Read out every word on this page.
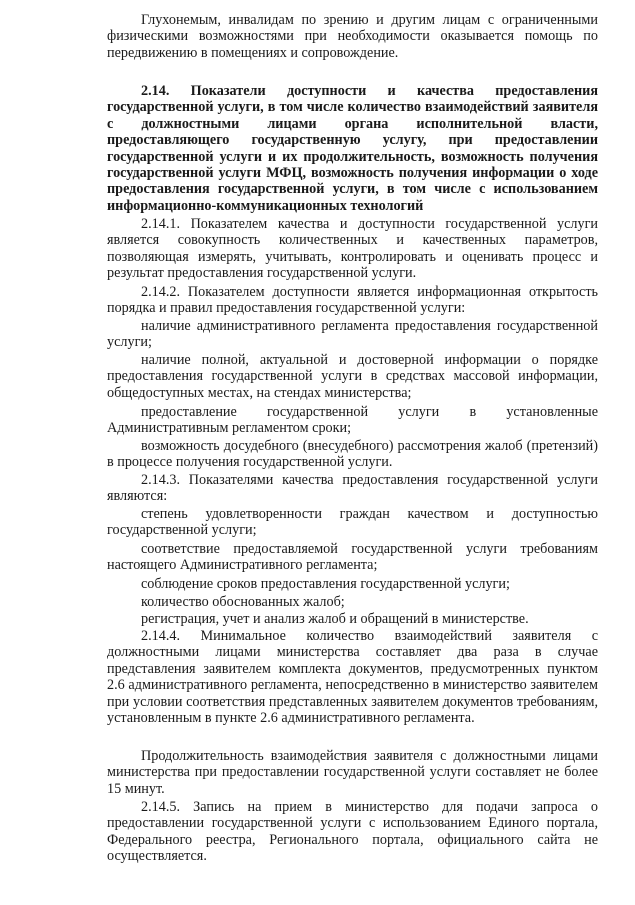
Глухонемым, инвалидам по зрению и другим лицам с ограниченными физическими возможностями при необходимости оказывается помощь по передвижению в помещениях и сопровождение.

2.14. Показатели доступности и качества предоставления государственной услуги, в том числе количество взаимодействий заявителя с должностными лицами органа исполнительной власти, предоставляющего государственную услугу, при предоставлении государственной услуги и их продолжительность, возможность получения государственной услуги МФЦ, возможность получения информации о ходе предоставления государственной услуги, в том числе с использованием информационно-коммуникационных технологий

2.14.1. Показателем качества и доступности государственной услуги является совокупность количественных и качественных параметров, позволяющая измерять, учитывать, контролировать и оценивать процесс и результат предоставления государственной услуги.

2.14.2. Показателем доступности является информационная открытость порядка и правил предоставления государственной услуги:

наличие административного регламента предоставления государственной услуги;

наличие полной, актуальной и достоверной информации о порядке предоставления государственной услуги в средствах массовой информации, общедоступных местах, на стендах министерства;

предоставление государственной услуги в установленные Административным регламентом сроки;

возможность досудебного (внесудебного) рассмотрения жалоб (претензий) в процессе получения государственной услуги.

2.14.3. Показателями качества предоставления государственной услуги являются:

степень удовлетворенности граждан качеством и доступностью государственной услуги;

соответствие предоставляемой государственной услуги требованиям настоящего Административного регламента;

соблюдение сроков предоставления государственной услуги;

количество обоснованных жалоб;

регистрация, учет и анализ жалоб и обращений в министерстве.

2.14.4. Минимальное количество взаимодействий заявителя с должностными лицами министерства составляет два раза в случае представления заявителем комплекта документов, предусмотренных пунктом 2.6 административного регламента, непосредственно в министерство заявителем при условии соответствия представленных заявителем документов требованиям, установленным в пункте 2.6 административного регламента.

Продолжительность взаимодействия заявителя с должностными лицами министерства при предоставлении государственной услуги составляет не более 15 минут.

2.14.5. Запись на прием в министерство для подачи запроса о предоставлении государственной услуги с использованием Единого портала, Федерального реестра, Регионального портала, официального сайта не осуществляется.
